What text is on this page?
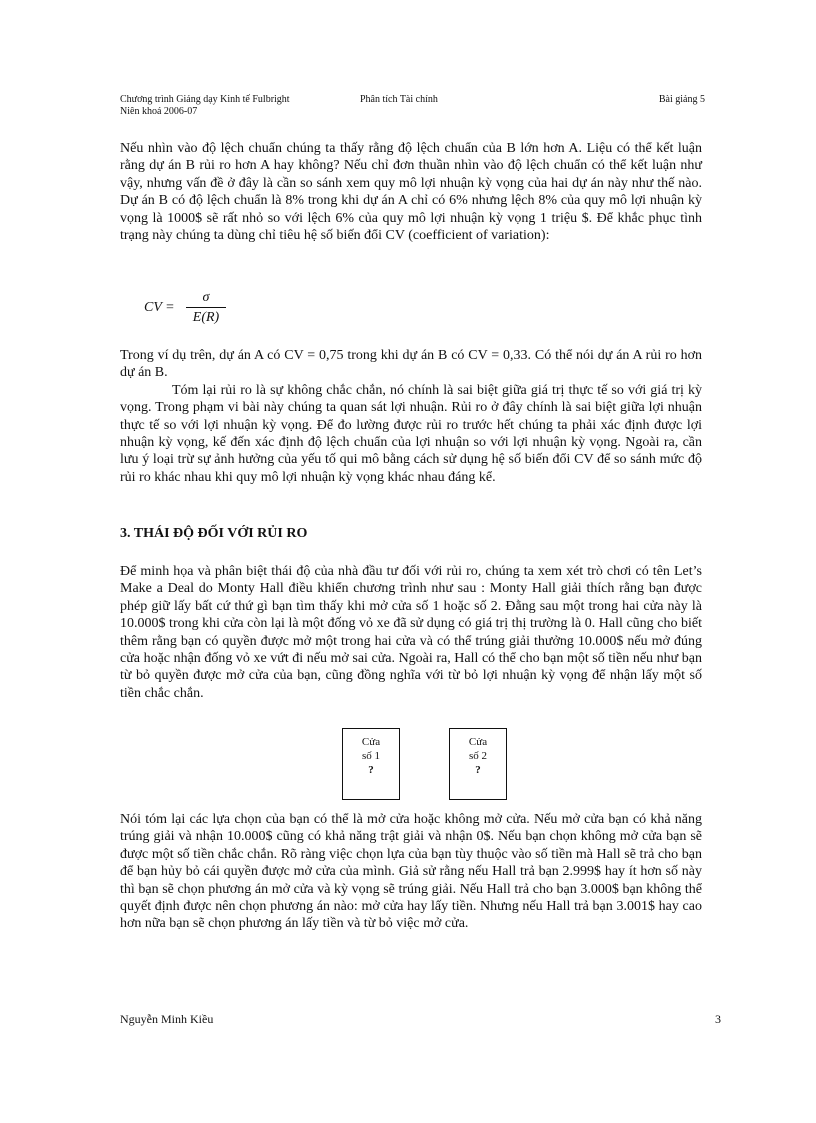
Chương trình Giảng dạy Kinh tế Fulbright
Niên khoá 2006-07
Phân tích Tài chính	Bài giảng 5

Nếu nhìn vào độ lệch chuẩn chúng ta thấy rằng độ lệch chuẩn của B lớn hơn A. Liệu có thể kết luận rằng dự án B rủi ro hơn A hay không? Nếu chỉ đơn thuần nhìn vào độ lệch chuẩn có thể kết luận như vậy, nhưng vấn đề ở đây là cần so sánh xem quy mô lợi nhuận kỳ vọng của hai dự án này như thế nào. Dự án B có độ lệch chuẩn là 8% trong khi dự án A chỉ có 6% nhưng lệch 8% của quy mô lợi nhuận kỳ vọng là 1000$ sẽ rất nhỏ so với lệch 6% của quy mô lợi nhuận kỳ vọng 1 triệu $. Để khắc phục tình trạng này chúng ta dùng chỉ tiêu hệ số biến đổi CV (coefficient of variation):

CV =
σ
E(R)

Trong ví dụ trên, dự án A có CV = 0,75 trong khi dự án B có CV = 0,33. Có thể nói dự án A rủi ro hơn dự án B.

Tóm lại rủi ro là sự không chắc chắn, nó chính là sai biệt giữa giá trị thực tế so với giá trị kỳ vọng. Trong phạm vi bài này chúng ta quan sát lợi nhuận. Rủi ro ở đây chính là sai biệt giữa lợi nhuận thực tế so với lợi nhuận kỳ vọng. Để đo lường được rủi ro trước hết chúng ta phải xác định được lợi nhuận kỳ vọng, kế đến xác định độ lệch chuẩn của lợi nhuận so với lợi nhuận kỳ vọng. Ngoài ra, cần lưu ý loại trừ sự ảnh hưởng của yếu tố qui mô bằng cách sử dụng hệ số biến đổi CV để so sánh mức độ rủi ro khác nhau khi quy mô lợi nhuận kỳ vọng khác nhau đáng kể.

3. THÁI ĐỘ ĐỐI VỚI RỦI RO

Để minh họa và phân biệt thái độ của nhà đầu tư đối với rủi ro, chúng ta xem xét trò chơi có tên Let’s Make a Deal do Monty Hall điều khiển chương trình như sau : Monty Hall giải thích rằng bạn được phép giữ lấy bất cứ thứ gì bạn tìm thấy khi mở cửa số 1 hoặc số 2. Đằng sau một trong hai cửa này là 10.000$ trong khi cửa còn lại là một đống vỏ xe đã sử dụng có giá trị thị trường là 0. Hall cũng cho biết thêm rằng bạn có quyền được mở một trong hai cửa và có thể trúng giải thưởng 10.000$ nếu mở đúng cửa hoặc nhận đống vỏ xe vứt đi nếu mở sai cửa. Ngoài ra, Hall có thể cho bạn một số tiền nếu như bạn từ bỏ quyền được mở cửa của bạn, cũng đồng nghĩa với từ bỏ lợi nhuận kỳ vọng để nhận lấy một số tiền chắc chắn.

Cửa
số 1
?
Cửa
số 2
?

Nói tóm lại các lựa chọn của bạn có thể là mở cửa hoặc không mở cửa. Nếu mở cửa bạn có khả năng trúng giải và nhận 10.000$ cũng có khả năng trật giải và nhận 0$. Nếu bạn chọn không mở cửa bạn sẽ được một số tiền chắc chắn. Rõ ràng việc chọn lựa của bạn tùy thuộc vào số tiền mà Hall sẽ trả cho bạn để bạn hủy bỏ cái quyền được mở cửa của mình. Giả sử rằng nếu Hall trả bạn 2.999$ hay ít hơn số này thì bạn sẽ chọn phương án mở cửa và kỳ vọng sẽ trúng giải. Nếu Hall trả cho bạn 3.000$ bạn không thể quyết định được nên chọn phương án nào: mở cửa hay lấy tiền. Nhưng nếu Hall trả bạn 3.001$ hay cao hơn nữa bạn sẽ chọn phương án lấy tiền và từ bỏ việc mở cửa.

Nguyễn Minh Kiều	3
